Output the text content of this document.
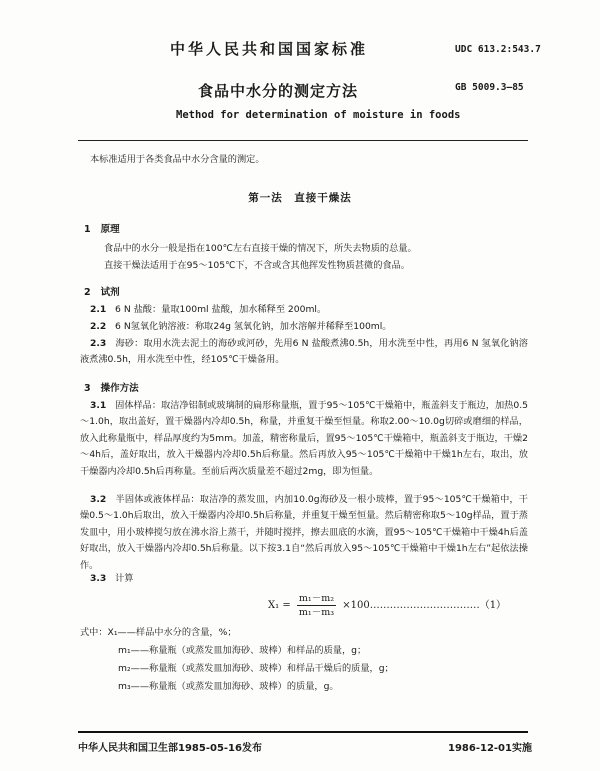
中华人民共和国国家标准	UDC 613.2:543.7
食品中水分的测定方法	GB 5009.3—85
Method for determination of moisture in foods
本标准适用于各类食品中水分含量的测定。
第一法　直接干燥法
1 原理
食品中的水分一般是指在100℃左右直接干燥的情况下，所失去物质的总量。
直接干燥法适用于在95～105℃下，不含或含其他挥发性物质甚微的食品。
2 试剂
2.1 6 N 盐酸：量取100ml 盐酸，加水稀释至 200ml。
2.2 6 N氢氧化钠溶液：称取24g 氢氧化钠，加水溶解并稀释至100ml。
2.3 海砂：取用水洗去泥土的海砂或河砂，先用6 N 盐酸煮沸0.5h，用水洗至中性，再用6 N 氢氧化钠溶液煮沸0.5h，用水洗至中性，经105℃干燥备用。
3 操作方法
3.1 固体样品：取洁净铝制或玻璃制的扁形称量瓶，置于95～105℃干燥箱中，瓶盖斜支于瓶边，加热0.5～1.0h，取出盖好，置干燥器内冷却0.5h，称量，并重复干燥至恒量。称取2.00～10.0g切碎或磨细的样品，放入此称量瓶中，样品厚度约为5mm。加盖，精密称量后，置95～105℃干燥箱中，瓶盖斜支于瓶边，干燥2～4h后，盖好取出，放入干燥器内冷却0.5h后称量。然后再放入95～105℃干燥箱中干燥1h左右，取出，放干燥器内冷却0.5h后再称量。至前后两次质量差不超过2mg，即为恒量。
3.2 半固体或液体样品：取洁净的蒸发皿，内加10.0g海砂及一根小玻棒，置于95～105℃干燥箱中，干燥0.5～1.0h后取出，放入干燥器内冷却0.5h后称量，并重复干燥至恒量。然后精密称取5～10g样品，置于蒸发皿中，用小玻棒搅匀放在沸水浴上蒸干，并随时搅拌，擦去皿底的水滴，置95～105℃干燥箱中干燥4h后盖好取出，放入干燥器内冷却0.5h后称量。以下按3.1自“然后再放入95～105℃干燥箱中干燥1h左右”起依法操作。
3.3 计算
$X_1 = \frac{\text{m₁－m₂}}{\text{m₁－m₃}}$ ×100……………………………（1）
式中：X₁——样品中水分的含量，%；
m₁——称量瓶（或蒸发皿加海砂、玻棒）和样品的质量，g；
m₂——称量瓶（或蒸发皿加海砂、玻棒）和样品干燥后的质量，g；
m₃——称量瓶（或蒸发皿加海砂、玻棒）的质量，g。
中华人民共和国卫生部1985-05-16发布	1986-12-01实施
